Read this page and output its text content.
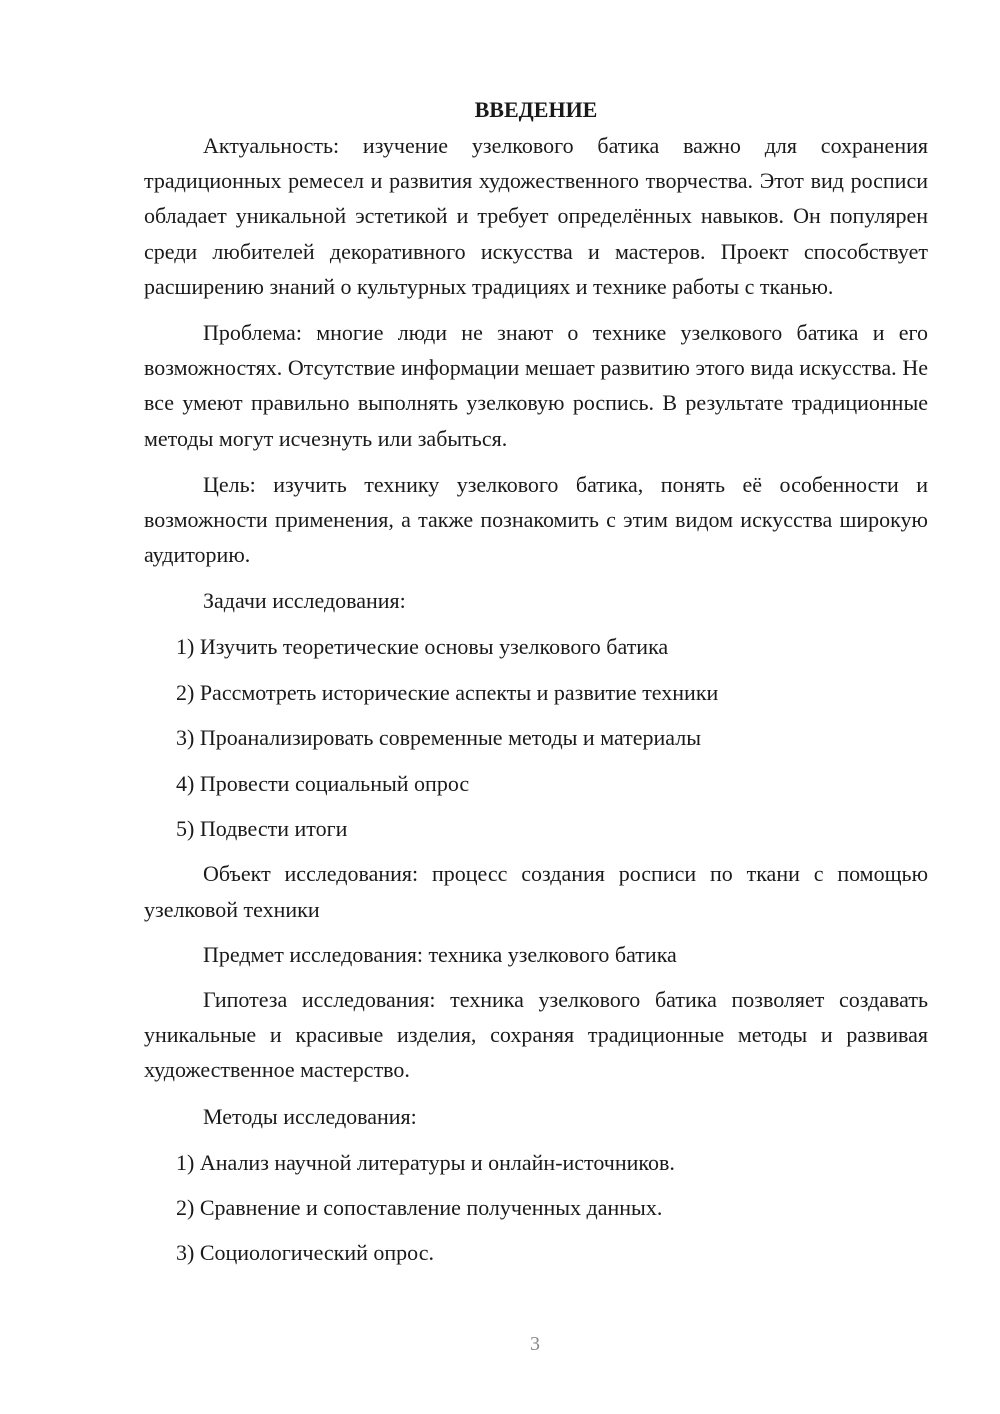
ВВЕДЕНИЕ

Актуальность: изучение узелкового батика важно для сохранения традиционных ремесел и развития художественного творчества. Этот вид росписи обладает уникальной эстетикой и требует определённых навыков. Он популярен среди любителей декоративного искусства и мастеров. Проект способствует расширению знаний о культурных традициях и технике работы с тканью.

Проблема: многие люди не знают о технике узелкового батика и его возможностях. Отсутствие информации мешает развитию этого вида искусства. Не все умеют правильно выполнять узелковую роспись. В результате традиционные методы могут исчезнуть или забыться.

Цель: изучить технику узелкового батика, понять её особенности и возможности применения, а также познакомить с этим видом искусства широкую аудиторию.

Задачи исследования:

1) Изучить теоретические основы узелкового батика
2) Рассмотреть исторические аспекты и развитие техники
3) Проанализировать современные методы и материалы
4) Провести социальный опрос
5) Подвести итоги

Объект исследования: процесс создания росписи по ткани с помощью узелковой техники

Предмет исследования: техника узелкового батика

Гипотеза исследования: техника узелкового батика позволяет создавать уникальные и красивые изделия, сохраняя традиционные методы и развивая художественное мастерство.

Методы исследования:

1) Анализ научной литературы и онлайн-источников.
2) Сравнение и сопоставление полученных данных.
3) Социологический опрос.
3
